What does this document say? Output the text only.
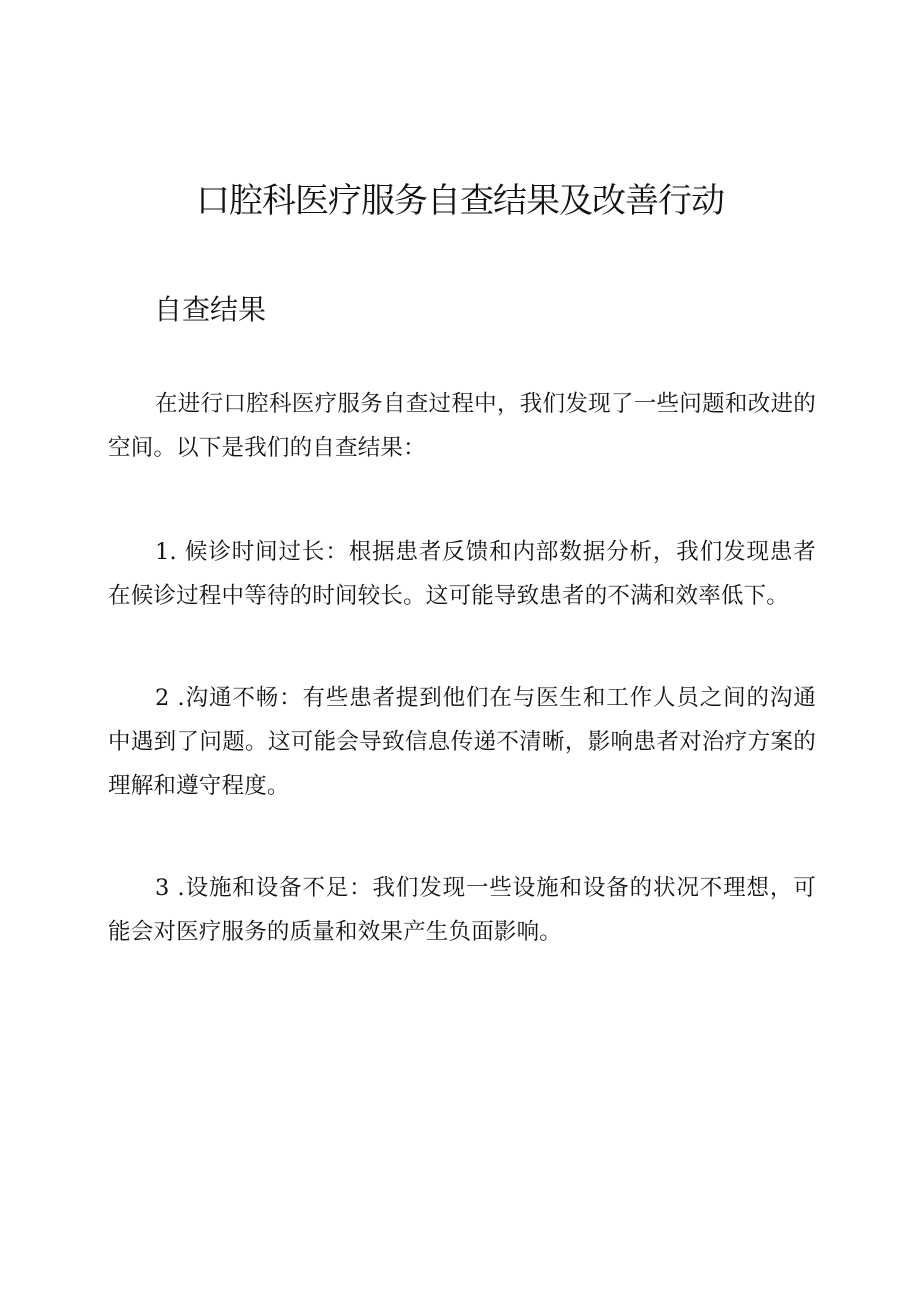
口腔科医疗服务自查结果及改善行动
自查结果

在进行口腔科医疗服务自查过程中，我们发现了一些问题和改进的空间。以下是我们的自查结果：

1. 候诊时间过长：根据患者反馈和内部数据分析，我们发现患者在候诊过程中等待的时间较长。这可能导致患者的不满和效率低下。

2 .沟通不畅：有些患者提到他们在与医生和工作人员之间的沟通中遇到了问题。这可能会导致信息传递不清晰，影响患者对治疗方案的理解和遵守程度。

3 .设施和设备不足：我们发现一些设施和设备的状况不理想，可能会对医疗服务的质量和效果产生负面影响。
